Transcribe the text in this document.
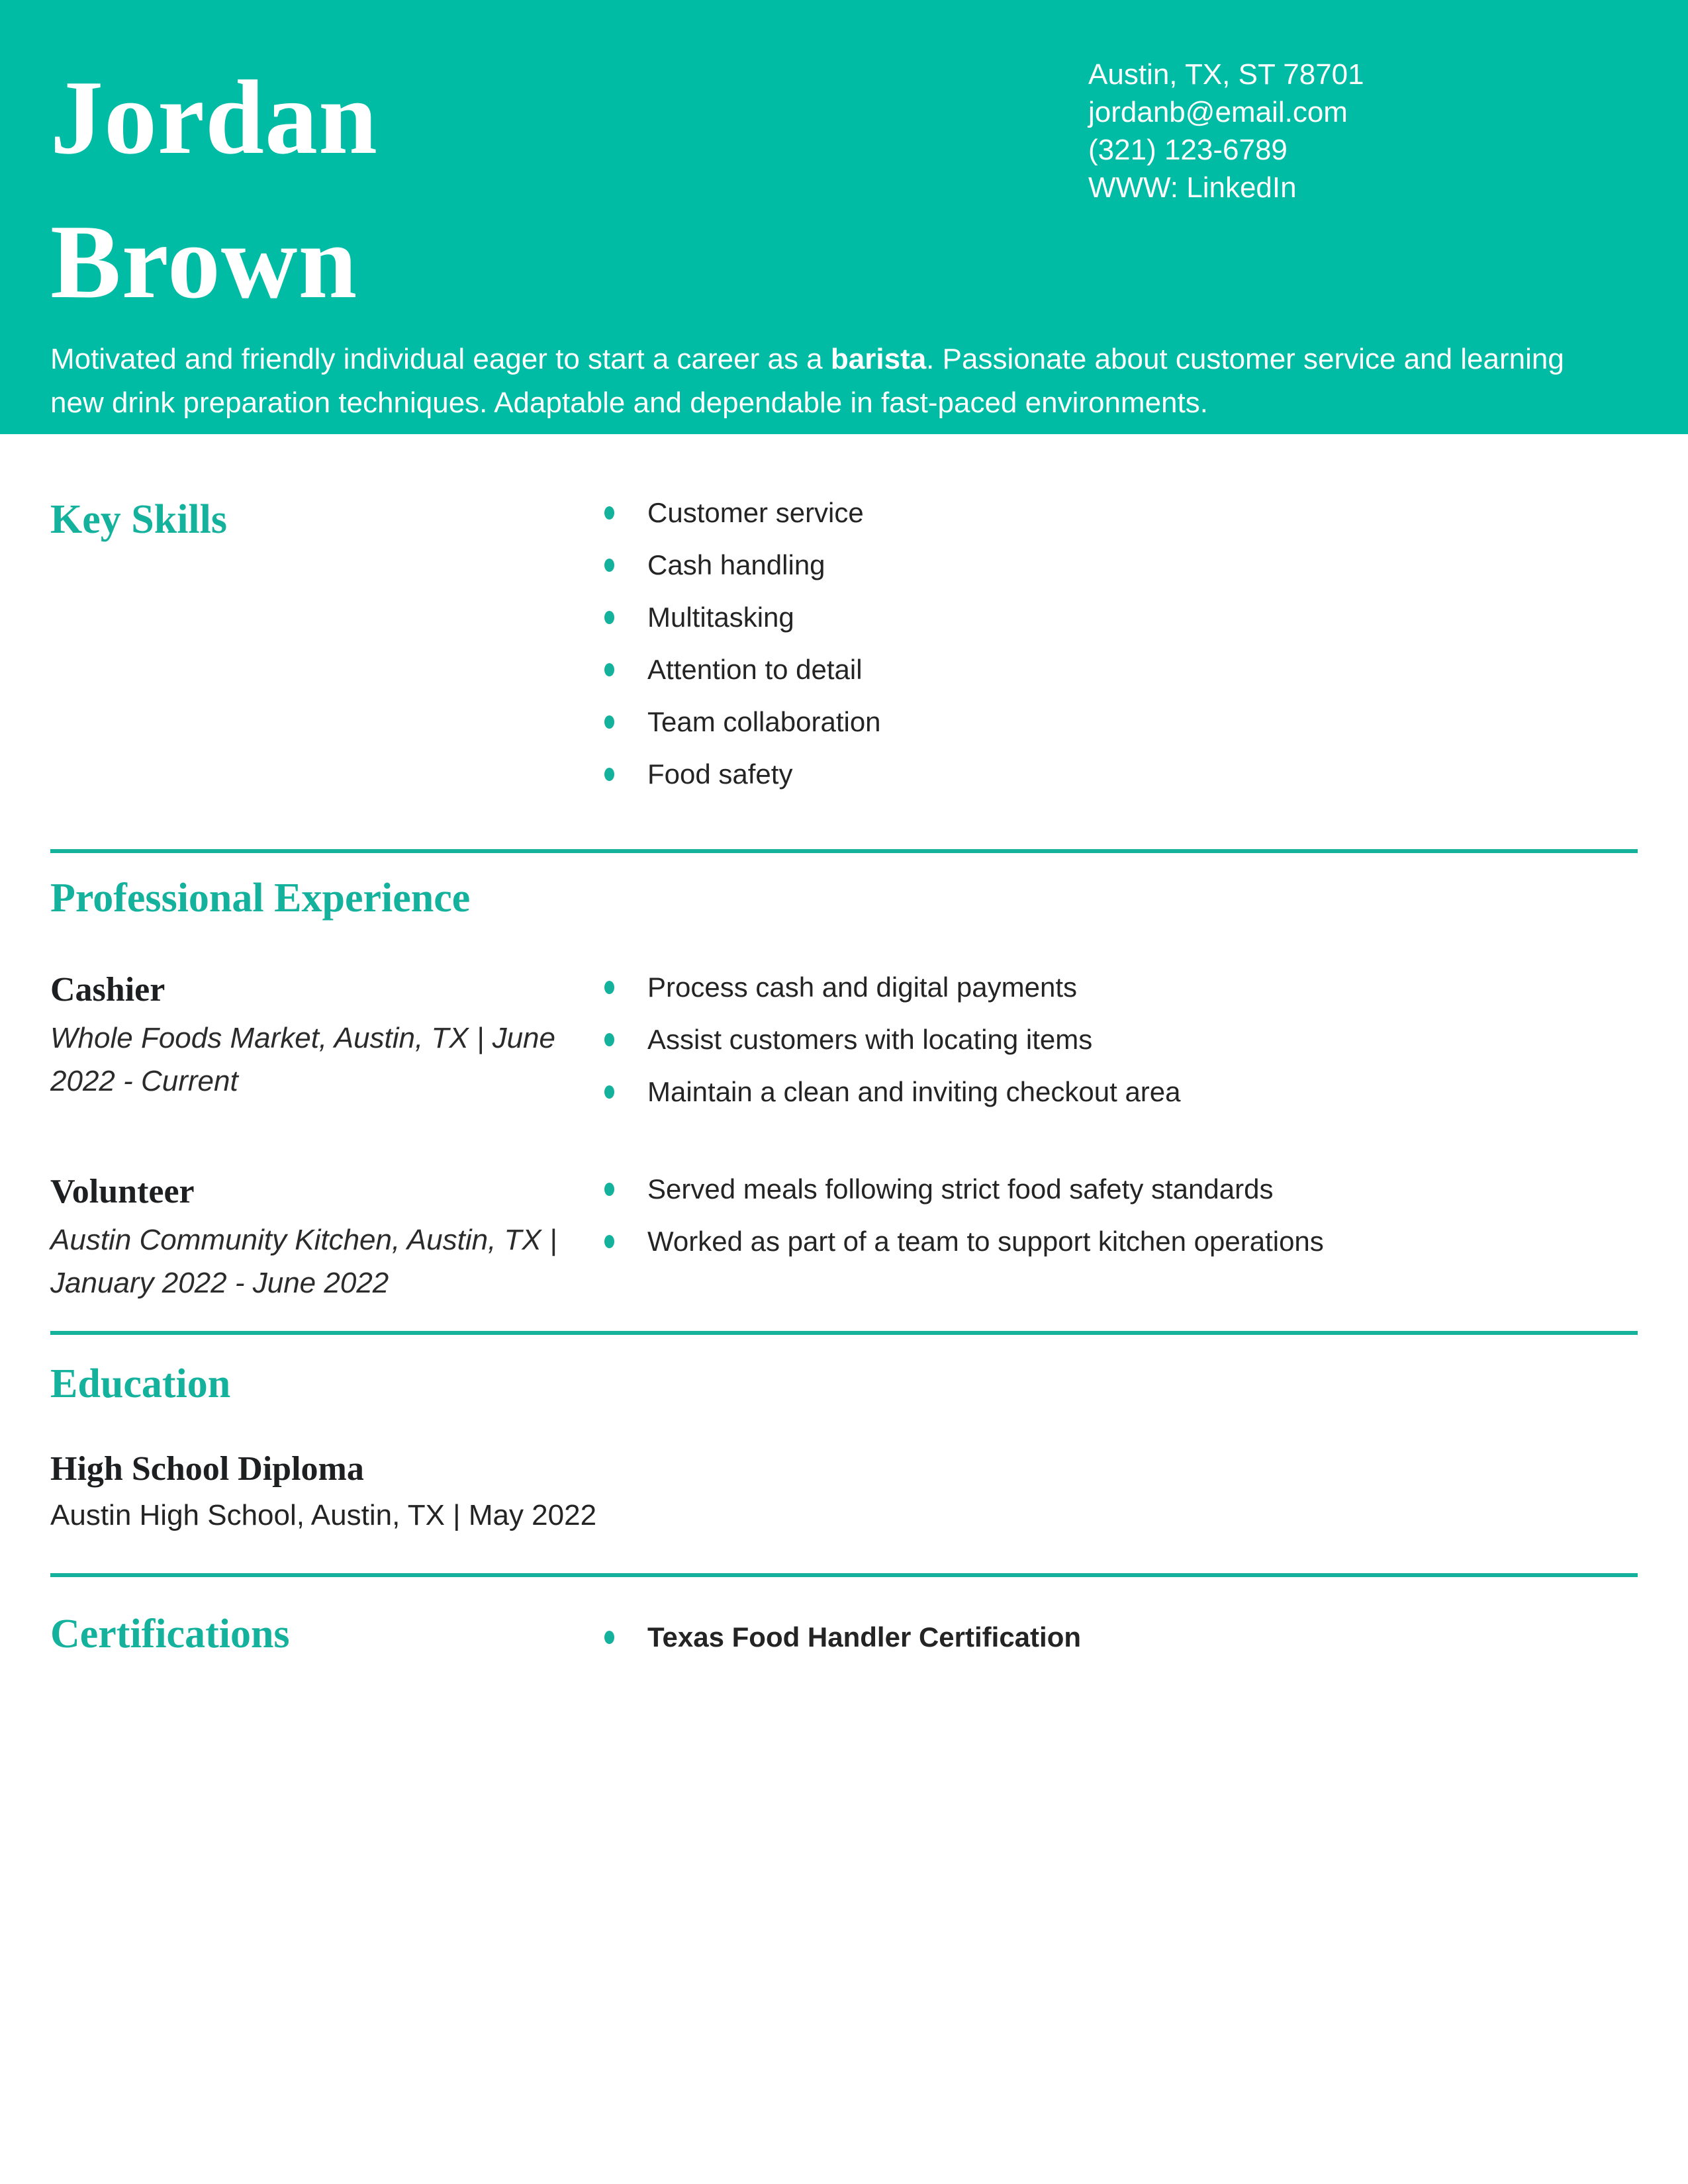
Jordan
Brown
Austin, TX, ST 78701
jordanb@email.com
(321) 123-6789
WWW: LinkedIn

Motivated and friendly individual eager to start a career as a barista. Passionate about customer service and learning new drink preparation techniques. Adaptable and dependable in fast-paced environments.

Key Skills	Customer service
Cash handling
Multitasking
Attention to detail
Team collaboration
Food safety
Professional Experience
Cashier
Whole Foods Market, Austin, TX | June 2022 - Current
Process cash and digital payments
Assist customers with locating items
Maintain a clean and inviting checkout area
Volunteer
Austin Community Kitchen, Austin, TX | January 2022 - June 2022
Served meals following strict food safety standards
Worked as part of a team to support kitchen operations
Education
High School Diploma
Austin High School, Austin, TX | May 2022
Certifications	Texas Food Handler Certification
